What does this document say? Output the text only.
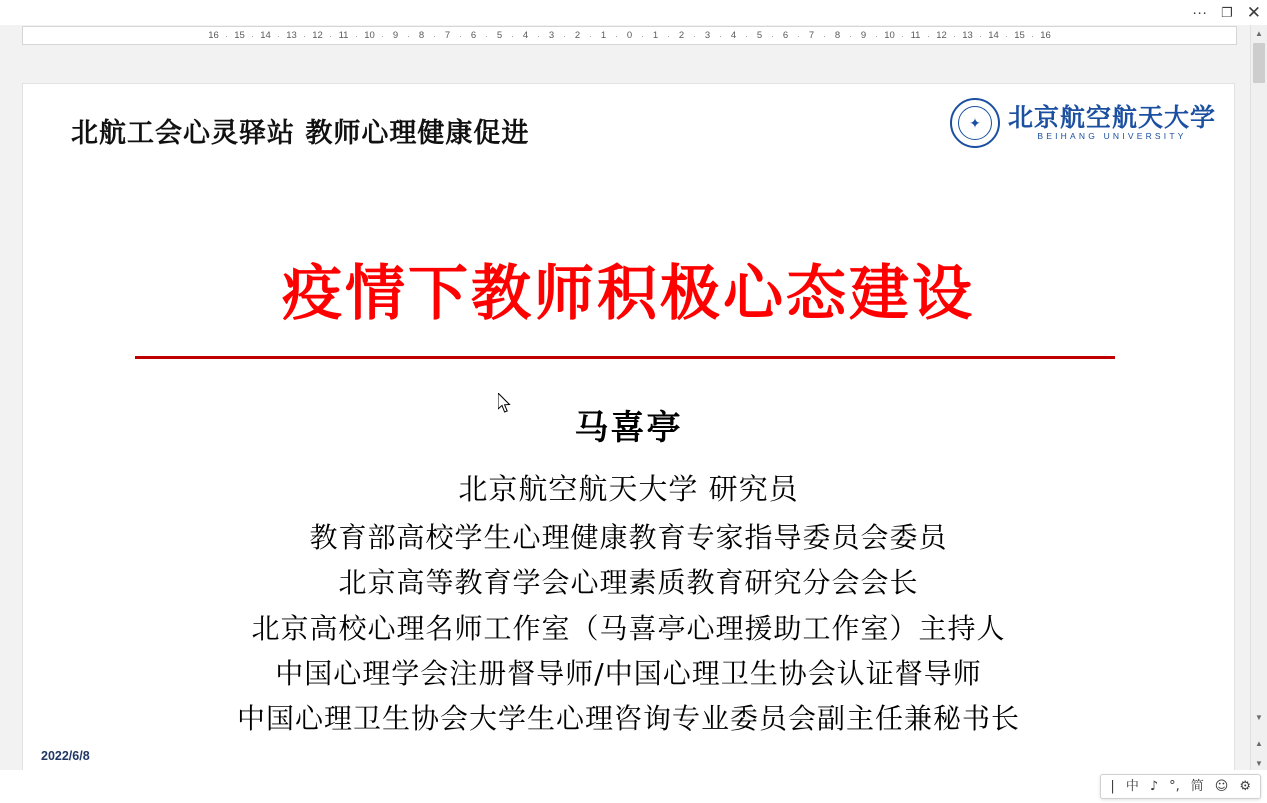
··· ❐ ✕
16 · 15 · 14 · 13 · 12 · 11 · 10 · 9 · 8 · 7 · 6 · 5 · 4 · 3 · 2 · 1 · 0 · 1 · 2 · 3 · 4 · 5 · 6 · 7 · 8 · 9 · 10 · 11 · 12 · 13 · 14 · 15 · 16
北航工会心灵驿站 教师心理健康促进	✦ 北京航空航天大学
BEIHANG UNIVERSITY
疫情下教师积极心态建设
马喜亭
北京航空航天大学 研究员
教育部高校学生心理健康教育专家指导委员会委员
北京高等教育学会心理素质教育研究分会会长
北京高校心理名师工作室（马喜亭心理援助工作室）主持人
中国心理学会注册督导师/中国心理卫生协会认证督导师
中国心理卫生协会大学生心理咨询专业委员会副主任兼秘书长
2022/6/8
▲
▼
▲
▼
| 中 ♪ °, 简 ☺ ⚙
